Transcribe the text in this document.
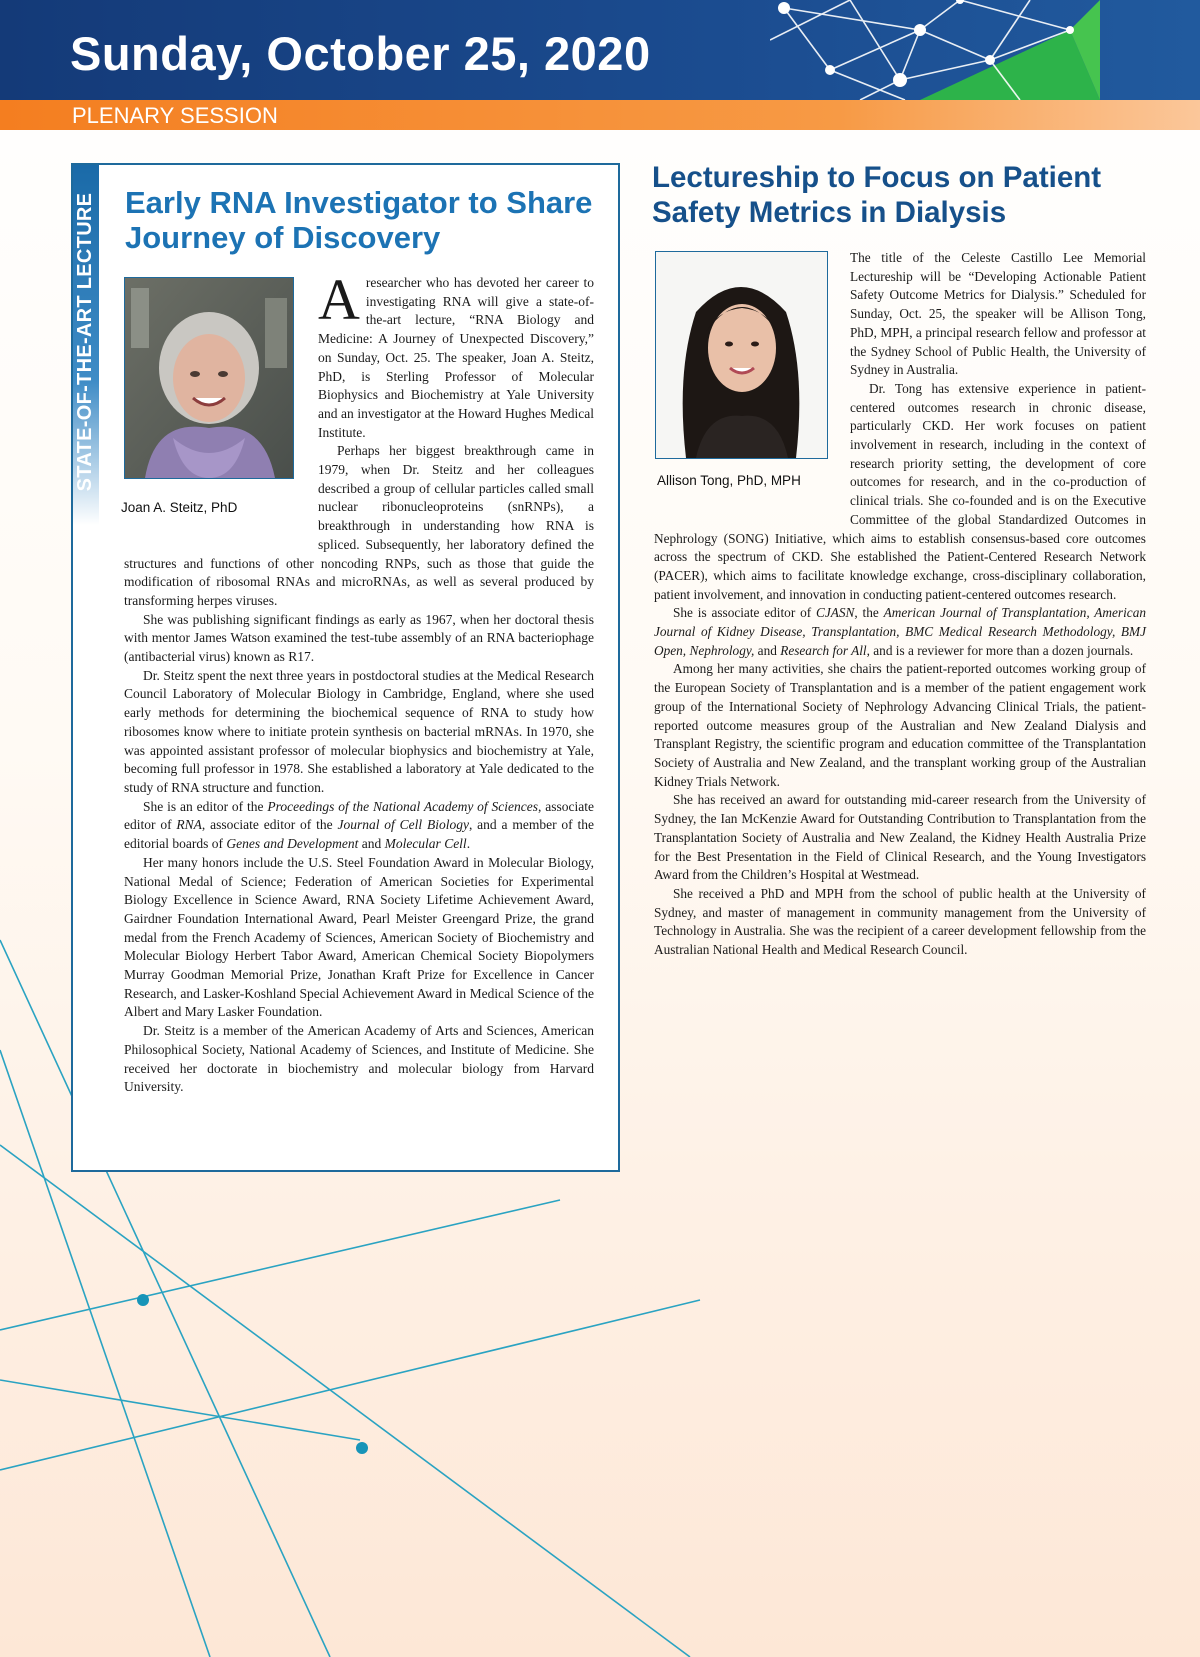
Sunday, October 25, 2020
PLENARY SESSION
STATE-OF-THE-ART LECTURE Early RNA Investigator to Share Journey of Discovery
Joan A. Steitz, PhD

A researcher who has devoted her career to investigating RNA will give a state-of-the-art lecture, “RNA Biology and Medicine: A Journey of Unexpected Discovery,” on Sunday, Oct. 25. The speaker, Joan A. Steitz, PhD, is Sterling Professor of Molecular Biophysics and Biochemistry at Yale University and an investigator at the Howard Hughes Medical Institute.

Perhaps her biggest breakthrough came in 1979, when Dr. Steitz and her colleagues described a group of cellular particles called small nuclear ribonucleoproteins (snRNPs), a breakthrough in understanding how RNA is spliced. Subsequently, her laboratory defined the structures and functions of other noncoding RNPs, such as those that guide the modification of ribosomal RNAs and microRNAs, as well as several produced by transforming herpes viruses.

She was publishing significant findings as early as 1967, when her doctoral thesis with mentor James Watson examined the test-tube assembly of an RNA bacteriophage (antibacterial virus) known as R17.

Dr. Steitz spent the next three years in postdoctoral studies at the Medical Research Council Laboratory of Molecular Biology in Cambridge, England, where she used early methods for determining the biochemical sequence of RNA to study how ribosomes know where to initiate protein synthesis on bacterial mRNAs. In 1970, she was appointed assistant professor of molecular biophysics and biochemistry at Yale, becoming full professor in 1978. She established a laboratory at Yale dedicated to the study of RNA structure and function.

She is an editor of the Proceedings of the National Academy of Sciences, associate editor of RNA, associate editor of the Journal of Cell Biology, and a member of the editorial boards of Genes and Development and Molecular Cell.

Her many honors include the U.S. Steel Foundation Award in Molecular Biology, National Medal of Science; Federation of American Societies for Experimental Biology Excellence in Science Award, RNA Society Lifetime Achievement Award, Gairdner Foundation International Award, Pearl Meister Greengard Prize, the grand medal from the French Academy of Sciences, American Society of Biochemistry and Molecular Biology Herbert Tabor Award, American Chemical Society Biopolymers Murray Goodman Memorial Prize, Jonathan Kraft Prize for Excellence in Cancer Research, and Lasker-Koshland Special Achievement Award in Medical Science of the Albert and Mary Lasker Foundation.

Dr. Steitz is a member of the American Academy of Arts and Sciences, American Philosophical Society, National Academy of Sciences, and Institute of Medicine. She received her doctorate in biochemistry and molecular biology from Harvard University.

Lectureship to Focus on Patient Safety Metrics in Dialysis
Allison Tong, PhD, MPH

The title of the Celeste Castillo Lee Memorial Lectureship will be “Developing Actionable Patient Safety Outcome Metrics for Dialysis.” Scheduled for Sunday, Oct. 25, the speaker will be Allison Tong, PhD, MPH, a principal research fellow and professor at the Sydney School of Public Health, the University of Sydney in Australia.

Dr. Tong has extensive experience in patient-centered outcomes research in chronic disease, particularly CKD. Her work focuses on patient involvement in research, including in the context of research priority setting, the development of core outcomes for research, and in the co-production of clinical trials. She co-founded and is on the Executive Committee of the global Standardized Outcomes in Nephrology (SONG) Initiative, which aims to establish consensus-based core outcomes across the spectrum of CKD. She established the Patient-Centered Research Network (PACER), which aims to facilitate knowledge exchange, cross-disciplinary collaboration, patient involvement, and innovation in conducting patient-centered outcomes research.

She is associate editor of CJASN, the American Journal of Transplantation, American Journal of Kidney Disease, Transplantation, BMC Medical Research Methodology, BMJ Open, Nephrology, and Research for All, and is a reviewer for more than a dozen journals.

Among her many activities, she chairs the patient-reported outcomes working group of the European Society of Transplantation and is a member of the patient engagement work group of the International Society of Nephrology Advancing Clinical Trials, the patient-reported outcome measures group of the Australian and New Zealand Dialysis and Transplant Registry, the scientific program and education committee of the Transplantation Society of Australia and New Zealand, and the transplant working group of the Australian Kidney Trials Network.

She has received an award for outstanding mid-career research from the University of Sydney, the Ian McKenzie Award for Outstanding Contribution to Transplantation from the Transplantation Society of Australia and New Zealand, the Kidney Health Australia Prize for the Best Presentation in the Field of Clinical Research, and the Young Investigators Award from the Children’s Hospital at Westmead.

She received a PhD and MPH from the school of public health at the University of Sydney, and master of management in community management from the University of Technology in Australia. She was the recipient of a career development fellowship from the Australian National Health and Medical Research Council.
